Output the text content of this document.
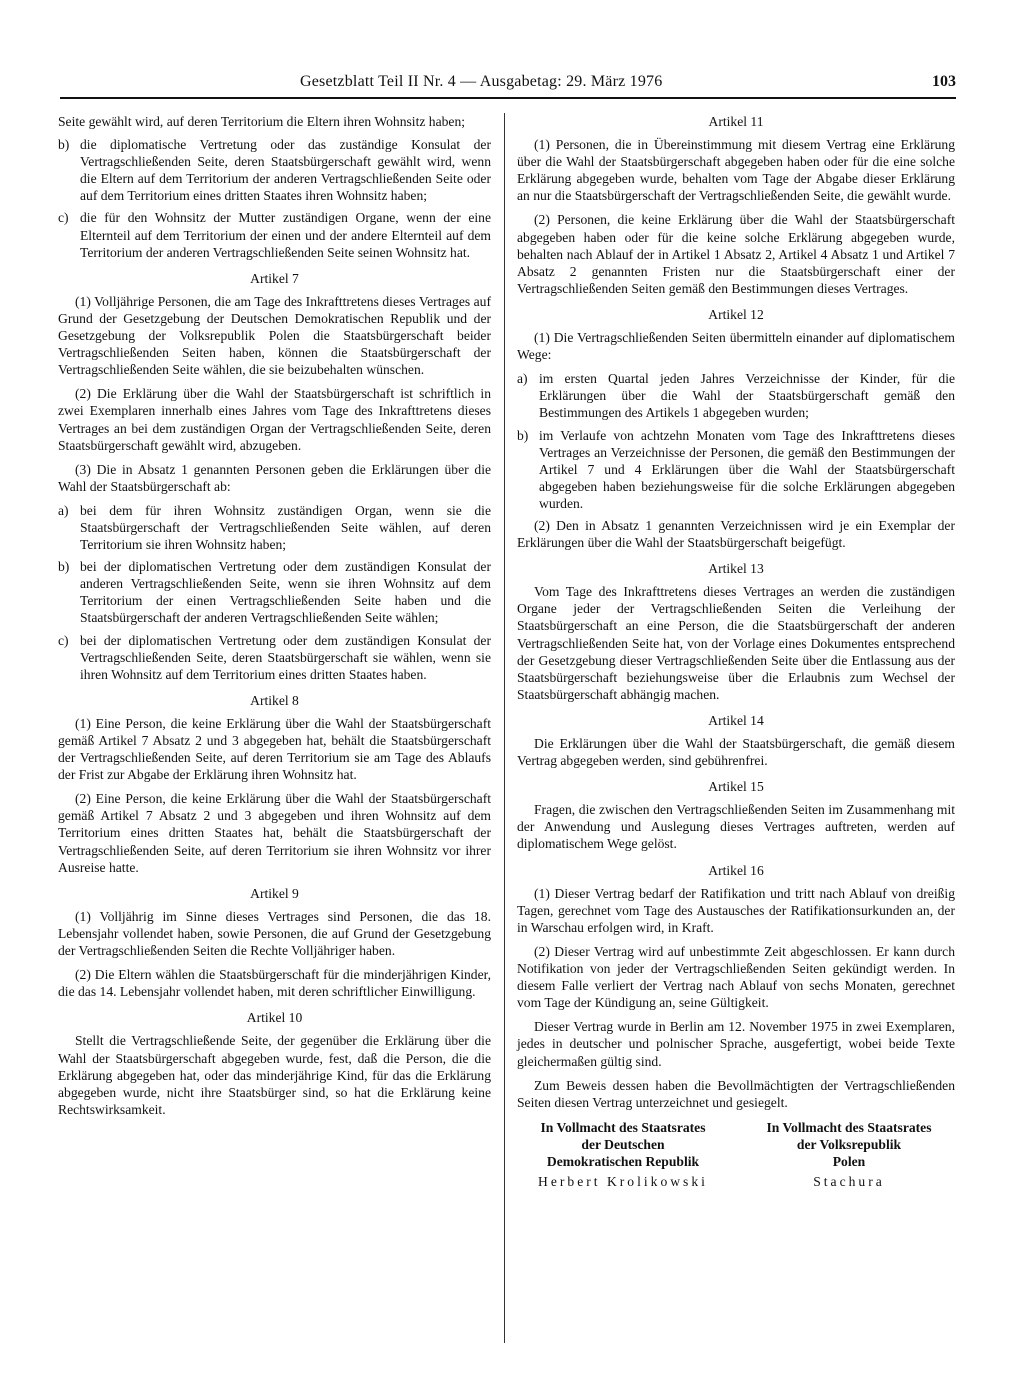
Gesetzblatt Teil II Nr. 4 — Ausgabetag: 29. März 1976	103

Seite gewählt wird, auf deren Territorium die Eltern ihren Wohnsitz haben;

b) die diplomatische Vertretung oder das zuständige Konsulat der Vertragschließenden Seite, deren Staatsbürgerschaft gewählt wird, wenn die Eltern auf dem Territorium der anderen Vertragschließenden Seite oder auf dem Territorium eines dritten Staates ihren Wohnsitz haben;
c) die für den Wohnsitz der Mutter zuständigen Organe, wenn der eine Elternteil auf dem Territorium der einen und der andere Elternteil auf dem Territorium der anderen Vertragschließenden Seite seinen Wohnsitz hat.
Artikel 7

(1) Volljährige Personen, die am Tage des Inkrafttretens dieses Vertrages auf Grund der Gesetzgebung der Deutschen Demokratischen Republik und der Gesetzgebung der Volksrepublik Polen die Staatsbürgerschaft beider Vertragschließenden Seiten haben, können die Staatsbürgerschaft der Vertragschließenden Seite wählen, die sie beizubehalten wünschen.

(2) Die Erklärung über die Wahl der Staatsbürgerschaft ist schriftlich in zwei Exemplaren innerhalb eines Jahres vom Tage des Inkrafttretens dieses Vertrages an bei dem zuständigen Organ der Vertragschließenden Seite, deren Staatsbürgerschaft gewählt wird, abzugeben.

(3) Die in Absatz 1 genannten Personen geben die Erklärungen über die Wahl der Staatsbürgerschaft ab:

a) bei dem für ihren Wohnsitz zuständigen Organ, wenn sie die Staatsbürgerschaft der Vertragschließenden Seite wählen, auf deren Territorium sie ihren Wohnsitz haben;
b) bei der diplomatischen Vertretung oder dem zuständigen Konsulat der anderen Vertragschließenden Seite, wenn sie ihren Wohnsitz auf dem Territorium der einen Vertragschließenden Seite haben und die Staatsbürgerschaft der anderen Vertragschließenden Seite wählen;
c) bei der diplomatischen Vertretung oder dem zuständigen Konsulat der Vertragschließenden Seite, deren Staatsbürgerschaft sie wählen, wenn sie ihren Wohnsitz auf dem Territorium eines dritten Staates haben.
Artikel 8

(1) Eine Person, die keine Erklärung über die Wahl der Staatsbürgerschaft gemäß Artikel 7 Absatz 2 und 3 abgegeben hat, behält die Staatsbürgerschaft der Vertragschließenden Seite, auf deren Territorium sie am Tage des Ablaufs der Frist zur Abgabe der Erklärung ihren Wohnsitz hat.

(2) Eine Person, die keine Erklärung über die Wahl der Staatsbürgerschaft gemäß Artikel 7 Absatz 2 und 3 abgegeben und ihren Wohnsitz auf dem Territorium eines dritten Staates hat, behält die Staatsbürgerschaft der Vertragschließenden Seite, auf deren Territorium sie ihren Wohnsitz vor ihrer Ausreise hatte.

Artikel 9

(1) Volljährig im Sinne dieses Vertrages sind Personen, die das 18. Lebensjahr vollendet haben, sowie Personen, die auf Grund der Gesetzgebung der Vertragschließenden Seiten die Rechte Volljähriger haben.

(2) Die Eltern wählen die Staatsbürgerschaft für die minderjährigen Kinder, die das 14. Lebensjahr vollendet haben, mit deren schriftlicher Einwilligung.

Artikel 10

Stellt die Vertragschließende Seite, der gegenüber die Erklärung über die Wahl der Staatsbürgerschaft abgegeben wurde, fest, daß die Person, die die Erklärung abgegeben hat, oder das minderjährige Kind, für das die Erklärung abgegeben wurde, nicht ihre Staatsbürger sind, so hat die Erklärung keine Rechtswirksamkeit.

Artikel 11

(1) Personen, die in Übereinstimmung mit diesem Vertrag eine Erklärung über die Wahl der Staatsbürgerschaft abgegeben haben oder für die eine solche Erklärung abgegeben wurde, behalten vom Tage der Abgabe dieser Erklärung an nur die Staatsbürgerschaft der Vertragschließenden Seite, die gewählt wurde.

(2) Personen, die keine Erklärung über die Wahl der Staatsbürgerschaft abgegeben haben oder für die keine solche Erklärung abgegeben wurde, behalten nach Ablauf der in Artikel 1 Absatz 2, Artikel 4 Absatz 1 und Artikel 7 Absatz 2 genannten Fristen nur die Staatsbürgerschaft einer der Vertragschließenden Seiten gemäß den Bestimmungen dieses Vertrages.

Artikel 12

(1) Die Vertragschließenden Seiten übermitteln einander auf diplomatischem Wege:

a) im ersten Quartal jeden Jahres Verzeichnisse der Kinder, für die Erklärungen über die Wahl der Staatsbürgerschaft gemäß den Bestimmungen des Artikels 1 abgegeben wurden;
b) im Verlaufe von achtzehn Monaten vom Tage des Inkrafttretens dieses Vertrages an Verzeichnisse der Personen, die gemäß den Bestimmungen der Artikel 7 und 4 Erklärungen über die Wahl der Staatsbürgerschaft abgegeben haben beziehungsweise für die solche Erklärungen abgegeben wurden.

(2) Den in Absatz 1 genannten Verzeichnissen wird je ein Exemplar der Erklärungen über die Wahl der Staatsbürgerschaft beigefügt.

Artikel 13

Vom Tage des Inkrafttretens dieses Vertrages an werden die zuständigen Organe jeder der Vertragschließenden Seiten die Verleihung der Staatsbürgerschaft an eine Person, die die Staatsbürgerschaft der anderen Vertragschließenden Seite hat, von der Vorlage eines Dokumentes entsprechend der Gesetzgebung dieser Vertragschließenden Seite über die Entlassung aus der Staatsbürgerschaft beziehungsweise über die Erlaubnis zum Wechsel der Staatsbürgerschaft abhängig machen.

Artikel 14

Die Erklärungen über die Wahl der Staatsbürgerschaft, die gemäß diesem Vertrag abgegeben werden, sind gebührenfrei.

Artikel 15

Fragen, die zwischen den Vertragschließenden Seiten im Zusammenhang mit der Anwendung und Auslegung dieses Vertrages auftreten, werden auf diplomatischem Wege gelöst.

Artikel 16

(1) Dieser Vertrag bedarf der Ratifikation und tritt nach Ablauf von dreißig Tagen, gerechnet vom Tage des Austausches der Ratifikationsurkunden an, der in Warschau erfolgen wird, in Kraft.

(2) Dieser Vertrag wird auf unbestimmte Zeit abgeschlossen. Er kann durch Notifikation von jeder der Vertragschließenden Seiten gekündigt werden. In diesem Falle verliert der Vertrag nach Ablauf von sechs Monaten, gerechnet vom Tage der Kündigung an, seine Gültigkeit.

Dieser Vertrag wurde in Berlin am 12. November 1975 in zwei Exemplaren, jedes in deutscher und polnischer Sprache, ausgefertigt, wobei beide Texte gleichermaßen gültig sind.

Zum Beweis dessen haben die Bevollmächtigten der Vertragschließenden Seiten diesen Vertrag unterzeichnet und gesiegelt.

In Vollmacht des Staatsrates
der Deutschen
Demokratischen Republik
Herbert Krolikowski
In Vollmacht des Staatsrates
der Volksrepublik
Polen
Stachura
